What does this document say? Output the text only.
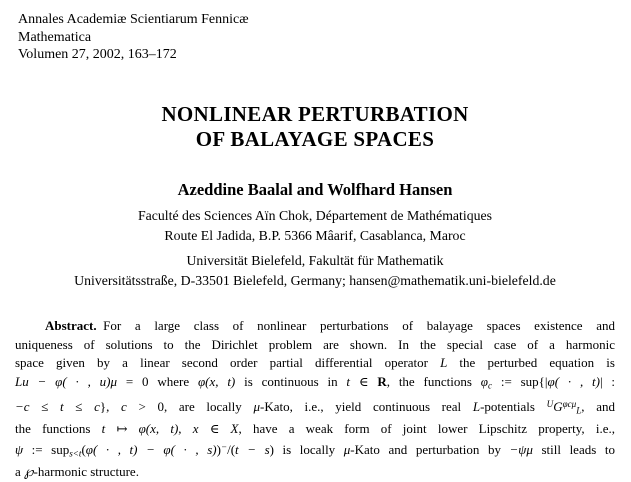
Annales Academiæ Scientiarum Fennicæ
Mathematica
Volumen 27, 2002, 163–172
NONLINEAR PERTURBATION
OF BALAYAGE SPACES
Azeddine Baalal and Wolfhard Hansen
Faculté des Sciences Aïn Chok, Département de Mathématiques
Route El Jadida, B.P. 5366 Mâarif, Casablanca, Maroc
Universität Bielefeld, Fakultät für Mathematik
Universitätsstraße, D-33501 Bielefeld, Germany; hansen@mathematik.uni-bielefeld.de
Abstract. For a large class of nonlinear perturbations of balayage spaces existence and
uniqueness of solutions to the Dirichlet problem are shown. In the special case of a harmonic
space given by a linear second order partial differential operator L the perturbed equation is
Lu − φ( · , u)μ = 0 where φ(x, t) is continuous in t ∈ R, the functions φc := sup{|φ( · , t)| :
−c ≤ t ≤ c}, c > 0, are locally μ-Kato, i.e., yield continuous real L-potentials $^UG^{\varphi c\mu}L$, and
the functions t ↦ φ(x, t), x ∈ X, have a weak form of joint lower Lipschitz property, i.e.,
ψ := sups<t(φ( · , t) − φ( · , s))−/(t − s) is locally μ-Kato and perturbation by −ψμ still leads to
a ℘-harmonic structure.
